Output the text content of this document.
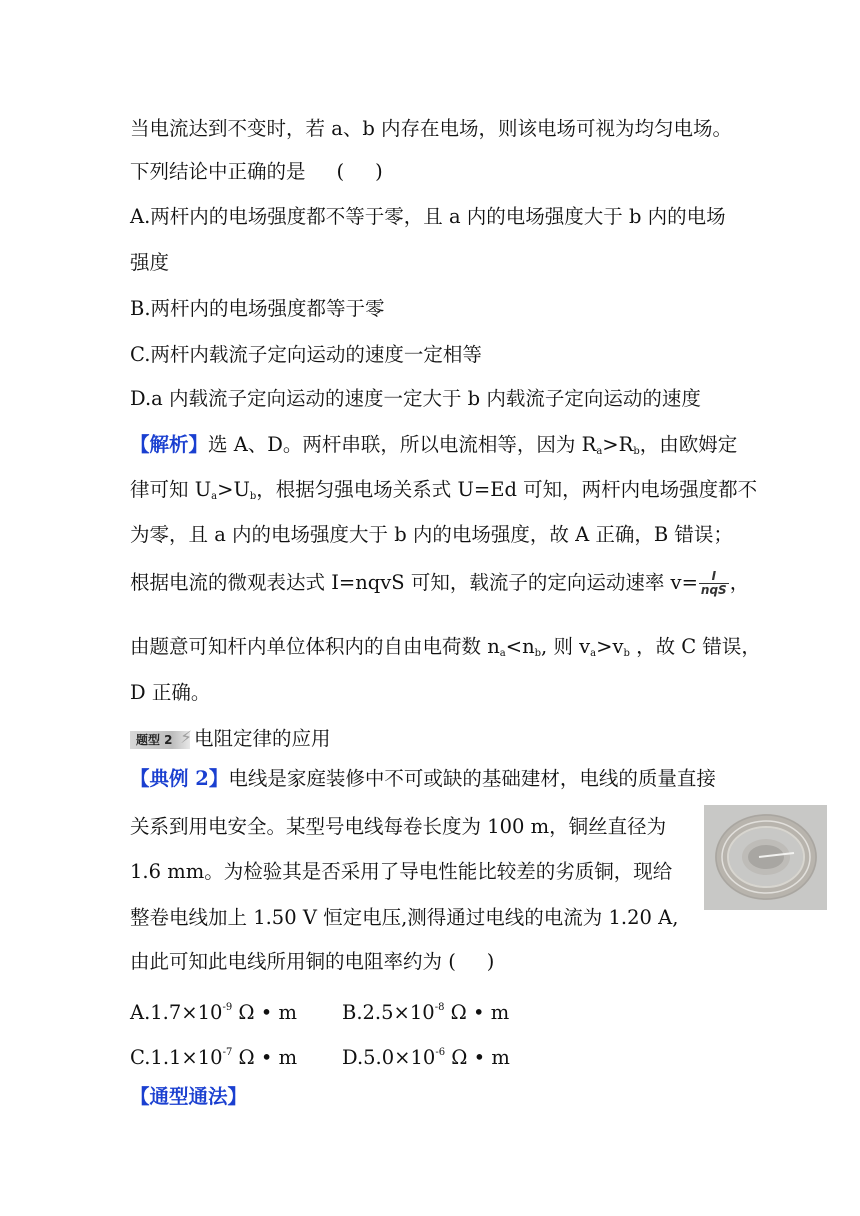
当电流达到不变时，若 a、b 内存在电场，则该电场可视为均匀电场。
下列结论中正确的是     (     )
A.两杆内的电场强度都不等于零，且 a 内的电场强度大于 b 内的电场
强度
B.两杆内的电场强度都等于零
C.两杆内载流子定向运动的速度一定相等
D.a 内载流子定向运动的速度一定大于 b 内载流子定向运动的速度
【解析】选 A、D。两杆串联，所以电流相等，因为 $R_a>R_b$，由欧姆定
律可知 $U_a>U_b$，根据匀强电场关系式 U=Ed 可知，两杆内电场强度都不
为零，且 a 内的电场强度大于 b 内的电场强度，故 A 正确，B 错误；
根据电流的微观表达式 I=nqvS 可知，载流子的定向运动速率 $v= \frac{I}{\text{nqS}}$ ，
由题意可知杆内单位体积内的自由电荷数 $n_a<n_b$, 则 $v_a>v_b$ ，故 C 错误，
D 正确。
题型 2 ⚡ 电阻定律的应用
【典例 2】电线是家庭装修中不可或缺的基础建材，电线的质量直接
关系到用电安全。某型号电线每卷长度为 100 m，铜丝直径为
1.6 mm。为检验其是否采用了导电性能比较差的劣质铜，现给
整卷电线加上 1.50 V 恒定电压,测得通过电线的电流为 1.20 A,
由此可知此电线所用铜的电阻率约为 (     )
$A.1.7\times 10^{-9}$ Ω • m $B.2.5\times 10^{-8}$ Ω • m
$C.1.1\times 10^{-7}$ Ω • m $D.5.0\times 10^{-6}$ Ω • m
【通型通法】
